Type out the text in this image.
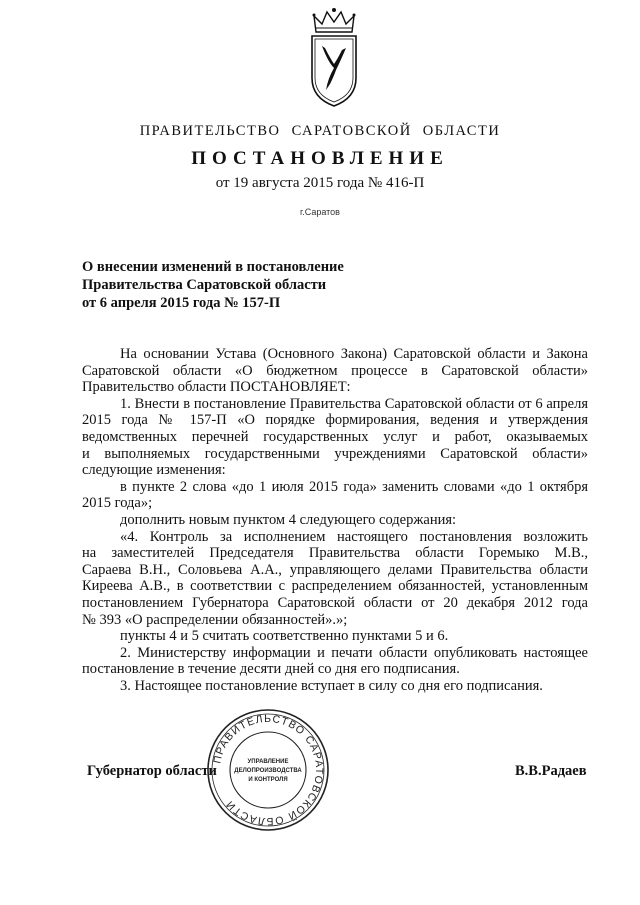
ПРАВИТЕЛЬСТВО САРАТОВСКОЙ ОБЛАСТИ
ПОСТАНОВЛЕНИЕ
от 19 августа 2015 года № 416-П
г.Саратов
О внесении изменений в постановление
Правительства Саратовской области
от 6 апреля 2015 года № 157-П
На основании Устава (Основного Закона) Саратовской области и Закона
Саратовской области «О бюджетном процессе в Саратовской области»
Правительство области ПОСТАНОВЛЯЕТ:
1. Внести в постановление Правительства Саратовской области от 6 апреля
2015 года № 157-П «О порядке формирования, ведения и утверждения
ведомственных перечней государственных услуг и работ, оказываемых
и выполняемых государственными учреждениями Саратовской области»
следующие изменения:
в пункте 2 слова «до 1 июля 2015 года» заменить словами «до 1 октября
2015 года»;
дополнить новым пунктом 4 следующего содержания:
«4. Контроль за исполнением настоящего постановления возложить
на заместителей Председателя Правительства области Горемыко М.В.,
Сараева В.Н., Соловьева А.А., управляющего делами Правительства области
Киреева А.В., в соответствии с распределением обязанностей, установленным
постановлением Губернатора Саратовской области от 20 декабря 2012 года
№ 393 «О распределении обязанностей».»;
пункты 4 и 5 считать соответственно пунктами 5 и 6.
2. Министерству информации и печати области опубликовать настоящее
постановление в течение десяти дней со дня его подписания.
3. Настоящее постановление вступает в силу со дня его подписания.
Губернатор области	В.В.Радаев
ПРАВИТЕЛЬСТВО САРАТОВСКОЙ ОБЛАСТИ
УПРАВЛЕНИЕ
ДЕЛОПРОИЗВОДСТВА
И КОНТРОЛЯ
